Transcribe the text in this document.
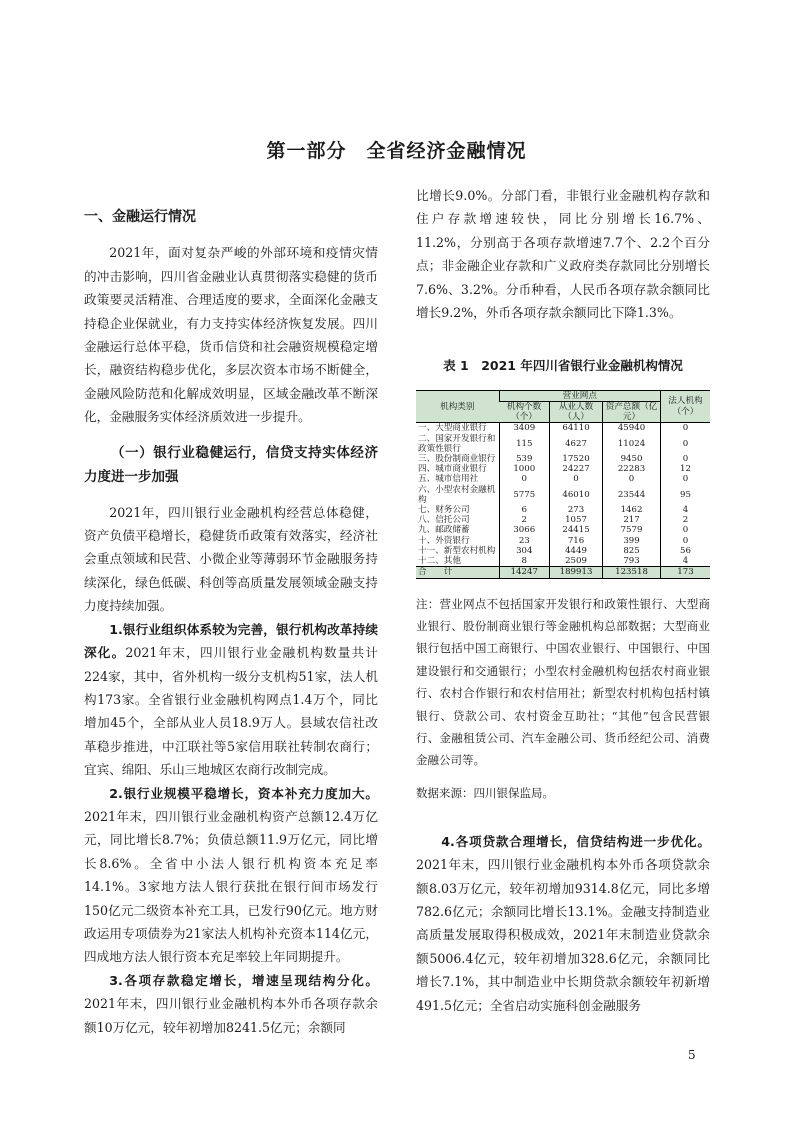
第一部分　全省经济金融情况

一、金融运行情况

2021年，面对复杂严峻的外部环境和疫情灾情的冲击影响，四川省金融业认真贯彻落实稳健的货币政策要灵活精准、合理适度的要求，全面深化金融支持稳企业保就业，有力支持实体经济恢复发展。四川金融运行总体平稳，货币信贷和社会融资规模稳定增长，融资结构稳步优化，多层次资本市场不断健全，金融风险防范和化解成效明显，区域金融改革不断深化，金融服务实体经济质效进一步提升。

（一）银行业稳健运行，信贷支持实体经济力度进一步加强

2021年，四川银行业金融机构经营总体稳健，资产负债平稳增长，稳健货币政策有效落实，经济社会重点领域和民营、小微企业等薄弱环节金融服务持续深化，绿色低碳、科创等高质量发展领域金融支持力度持续加强。

1.银行业组织体系较为完善，银行机构改革持续深化。2021年末，四川银行业金融机构数量共计224家，其中，省外机构一级分支机构51家，法人机构173家。全省银行业金融机构网点1.4万个，同比增加45个，全部从业人员18.9万人。县域农信社改革稳步推进，中江联社等5家信用联社转制农商行；宜宾、绵阳、乐山三地城区农商行改制完成。

2.银行业规模平稳增长，资本补充力度加大。2021年末，四川银行业金融机构资产总额12.4万亿元，同比增长8.7%；负债总额11.9万亿元，同比增长8.6%。全省中小法人银行机构资本充足率14.1%。3家地方法人银行获批在银行间市场发行150亿元二级资本补充工具，已发行90亿元。地方财政运用专项债券为21家法人机构补充资本114亿元，四成地方法人银行资本充足率较上年同期提升。

3.各项存款稳定增长，增速呈现结构分化。2021年末，四川银行业金融机构本外币各项存款余额10万亿元，较年初增加8241.5亿元；余额同

比增长9.0%。分部门看，非银行业金融机构存款和住户存款增速较快，同比分别增长16.7%、11.2%，分别高于各项存款增速7.7个、2.2个百分点；非金融企业存款和广义政府类存款同比分别增长7.6%、3.2%。分币种看，人民币各项存款余额同比增长9.2%，外币各项存款余额同比下降1.3%。

表 1　2021 年四川省银行业金融机构情况

机构类别	营业网点			法人机构（个）
	机构个数（个）	从业人数（人）	资产总额（亿元）	
一、大型商业银行	3409	64110	45940	0
二、国家开发银行和政策性银行	115	4627	11024	0
三、股份制商业银行	539	17520	9450	0
四、城市商业银行	1000	24227	22283	12
五、城市信用社	0	0	0	0
六、小型农村金融机构	5775	46010	23544	95
七、财务公司	6	273	1462	4
八、信托公司	2	1057	217	2
九、邮政储蓄	3066	24415	7579	0
十、外资银行	23	716	399	0
十一、新型农村机构	304	4449	825	56
十二、其他	8	2509	793	4
合　　计	14247	189913	123518	173

注：营业网点不包括国家开发银行和政策性银行、大型商业银行、股份制商业银行等金融机构总部数据；大型商业银行包括中国工商银行、中国农业银行、中国银行、中国建设银行和交通银行；小型农村金融机构包括农村商业银行、农村合作银行和农村信用社；新型农村机构包括村镇银行、贷款公司、农村资金互助社；“其他”包含民营银行、金融租赁公司、汽车金融公司、货币经纪公司、消费金融公司等。

数据来源：四川银保监局。

4.各项贷款合理增长，信贷结构进一步优化。2021年末，四川银行业金融机构本外币各项贷款余额8.03万亿元，较年初增加9314.8亿元，同比多增782.6亿元；余额同比增长13.1%。金融支持制造业高质量发展取得积极成效，2021年末制造业贷款余额5006.4亿元，较年初增加328.6亿元，余额同比增长7.1%，其中制造业中长期贷款余额较年初新增491.5亿元；全省启动实施科创金融服务

5
